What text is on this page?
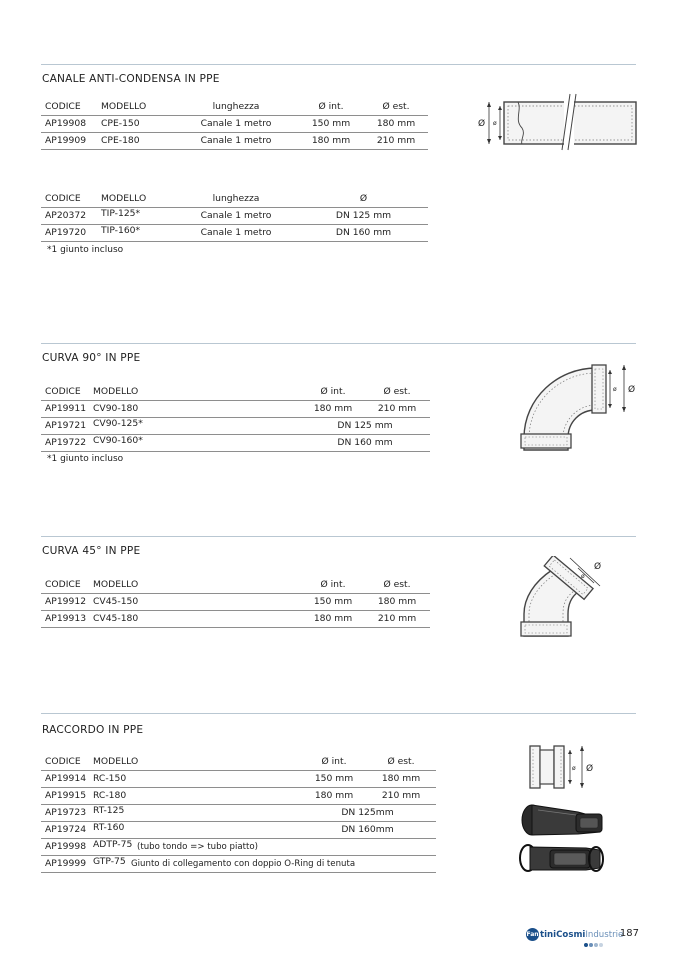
CANALE ANTI-CONDENSA IN PPE
CODICE MODELLO	lunghezza	Ø int.	Ø est.
AP19908 CPE-150	Canale 1 metro	150 mm	180 mm
AP19909 CPE-180	Canale 1 metro	180 mm	210 mm
CODICE MODELLO	lunghezza	Ø
AP20372 TIP-125*	Canale 1 metro	DN 125 mm
AP19720 TIP-160*	Canale 1 metro	DN 160 mm
*1 giunto incluso
Ø ø
CURVA 90° IN PPE
CODICE MODELLO	Ø int.	Ø est.
AP19911 CV90-180	180 mm	210 mm
AP19721 CV90-125*	DN 125 mm
AP19722 CV90-160*	DN 160 mm
*1 giunto incluso
ø Ø
CURVA 45° IN PPE
CODICE MODELLO	Ø int.	Ø est.
AP19912 CV45-150	150 mm	180 mm
AP19913 CV45-180	180 mm	210 mm
ø
Ø
RACCORDO IN PPE
CODICE MODELLO	Ø int.	Ø est.
AP19914 RC-150	150 mm	180 mm
AP19915 RC-180	180 mm	210 mm
AP19723 RT-125	DN 125mm
AP19724 RT-160	DN 160mm
AP19998 ADTP-75 (tubo tondo => tubo piatto)
AP19999 GTP-75 Giunto di collegamento con doppio O-Ring di tenuta
ø Ø
FantiniCosmiIndustrie
187
